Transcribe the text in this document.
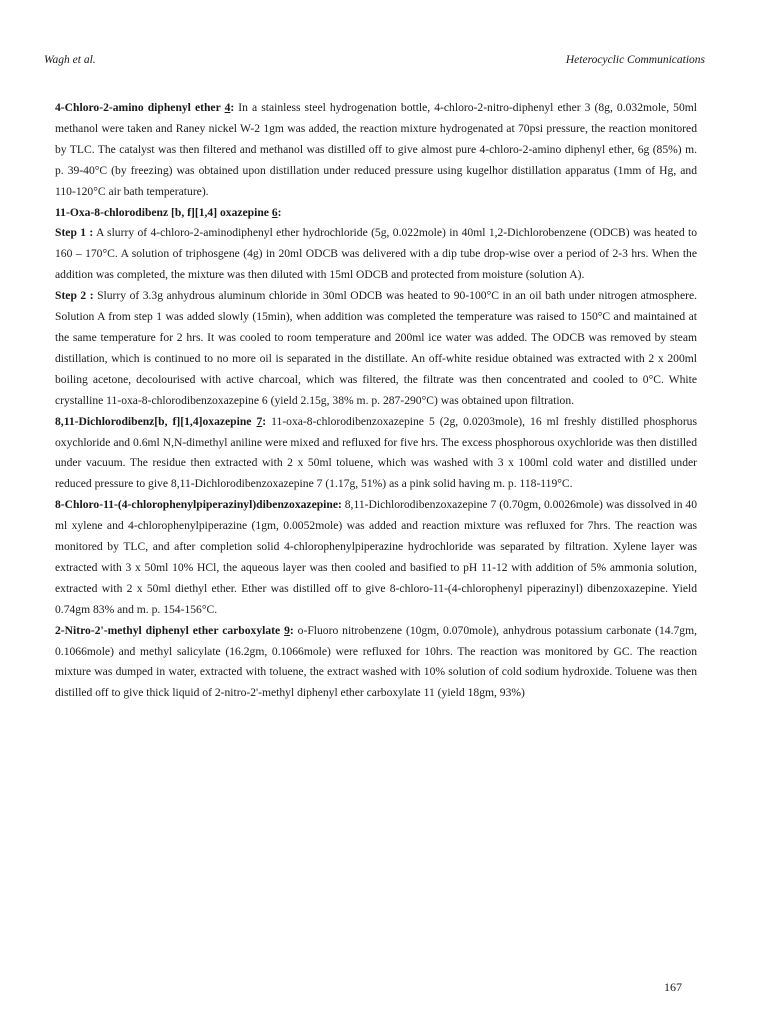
Wagh et al.	Heterocyclic Communications

4-Chloro-2-amino diphenyl ether 4: In a stainless steel hydrogenation bottle, 4-chloro-2-nitro-diphenyl ether 3 (8g, 0.032mole, 50ml methanol were taken and Raney nickel W-2 1gm was added, the reaction mixture hydrogenated at 70psi pressure, the reaction monitored by TLC. The catalyst was then filtered and methanol was distilled off to give almost pure 4-chloro-2-amino diphenyl ether, 6g (85%) m. p. 39-40°C (by freezing) was obtained upon distillation under reduced pressure using kugelhor distillation apparatus (1mm of Hg, and 110-120°C air bath temperature).

11-Oxa-8-chlorodibenz [b, f][1,4] oxazepine 6:

Step 1 : A slurry of 4-chloro-2-aminodiphenyl ether hydrochloride (5g, 0.022mole) in 40ml 1,2-Dichlorobenzene (ODCB) was heated to 160 – 170°C. A solution of triphosgene (4g) in 20ml ODCB was delivered with a dip tube drop-wise over a period of 2-3 hrs. When the addition was completed, the mixture was then diluted with 15ml ODCB and protected from moisture (solution A).

Step 2 : Slurry of 3.3g anhydrous aluminum chloride in 30ml ODCB was heated to 90-100°C in an oil bath under nitrogen atmosphere. Solution A from step 1 was added slowly (15min), when addition was completed the temperature was raised to 150°C and maintained at the same temperature for 2 hrs. It was cooled to room temperature and 200ml ice water was added. The ODCB was removed by steam distillation, which is continued to no more oil is separated in the distillate. An off-white residue obtained was extracted with 2 x 200ml boiling acetone, decolourised with active charcoal, which was filtered, the filtrate was then concentrated and cooled to 0°C. White crystalline 11-oxa-8-chlorodibenzoxazepine 6 (yield 2.15g, 38% m. p. 287-290°C) was obtained upon filtration.

8,11-Dichlorodibenz[b, f][1,4]oxazepine 7: 11-oxa-8-chlorodibenzoxazepine 5 (2g, 0.0203mole), 16 ml freshly distilled phosphorus oxychloride and 0.6ml N,N-dimethyl aniline were mixed and refluxed for five hrs. The excess phosphorous oxychloride was then distilled under vacuum. The residue then extracted with 2 x 50ml toluene, which was washed with 3 x 100ml cold water and distilled under reduced pressure to give 8,11-Dichlorodibenzoxazepine 7 (1.17g, 51%) as a pink solid having m. p. 118-119°C.

8-Chloro-11-(4-chlorophenylpiperazinyl)dibenzoxazepine: 8,11-Dichlorodibenzoxazepine 7 (0.70gm, 0.0026mole) was dissolved in 40 ml xylene and 4-chlorophenylpiperazine (1gm, 0.0052mole) was added and reaction mixture was refluxed for 7hrs. The reaction was monitored by TLC, and after completion solid 4-chlorophenylpiperazine hydrochloride was separated by filtration. Xylene layer was extracted with 3 x 50ml 10% HCl, the aqueous layer was then cooled and basified to pH 11-12 with addition of 5% ammonia solution, extracted with 2 x 50ml diethyl ether. Ether was distilled off to give 8-chloro-11-(4-chlorophenyl piperazinyl) dibenzoxazepine. Yield 0.74gm 83% and m. p. 154-156°C.

2-Nitro-2'-methyl diphenyl ether carboxylate 9: o-Fluoro nitrobenzene (10gm, 0.070mole), anhydrous potassium carbonate (14.7gm, 0.1066mole) and methyl salicylate (16.2gm, 0.1066mole) were refluxed for 10hrs. The reaction was monitored by GC. The reaction mixture was dumped in water, extracted with toluene, the extract washed with 10% solution of cold sodium hydroxide. Toluene was then distilled off to give thick liquid of 2-nitro-2'-methyl diphenyl ether carboxylate 11 (yield 18gm, 93%)

167
